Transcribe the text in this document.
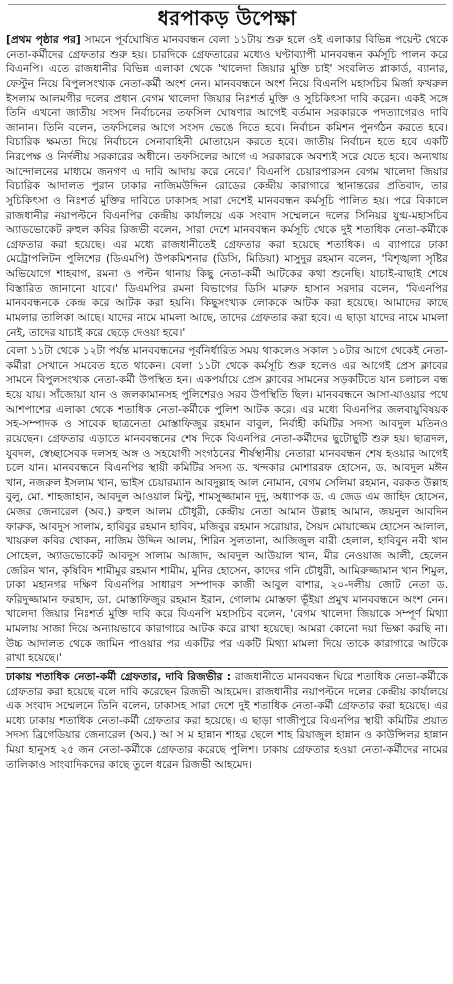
ধরপাকড় উপেক্ষা

[প্রথম পৃষ্ঠার পর] সামনে পূর্বঘোষিত মানববন্ধন বেলা ১১টায় শুরু হলে ওই এলাকার বিভিন্ন পয়েন্ট থেকে নেতা-কর্মীদের গ্রেফতার শুরু হয়। চারদিকে গ্রেফতারের মধ্যেও ঘণ্টাব্যাপী মানববন্ধন কর্মসূচি পালন করে বিএনপি। এতে রাজধানীর বিভিন্ন এলাকা থেকে 'খালেদা জিয়ার মুক্তি চাই' সংবলিত প্লাকার্ড, ব্যানার, ফেস্টুন নিয়ে বিপুলসংখ্যক নেতা-কর্মী অংশ নেন। মানববন্ধনে অংশ নিয়ে বিএনপি মহাসচিব মির্জা ফখরুল ইসলাম আলমগীর দলের প্রধান বেগম খালেদা জিয়ার নিঃশর্ত মুক্তি ও সুচিকিৎসা দাবি করেন। একই সঙ্গে তিনি এখনো জাতীয় সংসদ নির্বাচনের তফসিল ঘোষণার আগেই বর্তমান সরকারকে পদত্যাগেরও দাবি জানান। তিনি বলেন, তফসিলের আগে সংসদ ভেঙে দিতে হবে। নির্বাচন কমিশন পুনর্গঠন করতে হবে। বিচারিক ক্ষমতা দিয়ে নির্বাচনে সেনাবাহিনী মোতায়েন করতে হবে। জাতীয় নির্বাচন হতে হবে একটি নিরপেক্ষ ও নির্দলীয় সরকারের অধীনে। তফসিলের আগে এ সরকারকে অবশ্যই সরে যেতে হবে। অন্যথায় আন্দোলনের মাধ্যমে জনগণ এ দাবি আদায় করে নেবে।' বিএনপি চেয়ারপারসন বেগম খালেদা জিয়ার বিচারিক আদালত পুরান ঢাকার নাজিমউদ্দিন রোডের কেন্দ্রীয় কারাগারে স্থানান্তরের প্রতিবাদ, তার সুচিকিৎসা ও নিঃশর্ত মুক্তির দাবিতে ঢাকাসহ সারা দেশেই মানববন্ধন কর্মসূচি পালিত হয়। পরে বিকালে রাজধানীর নয়াপল্টনে বিএনপির কেন্দ্রীয় কার্যালয়ে এক সংবাদ সম্মেলনে দলের সিনিয়র যুগ্ম-মহাসচিব অ্যাডভোকেট রুহুল কবির রিজভী বলেন, সারা দেশে মানববন্ধন কর্মসূচি থেকে দুই শতাধিক নেতা-কর্মীকে গ্রেফতার করা হয়েছে। এর মধ্যে রাজধানীতেই গ্রেফতার করা হয়েছে শতাধিক। এ ব্যাপারে ঢাকা মেট্রোপলিটন পুলিশের (ডিএমপি) উপকমিশনার (ডিসি, মিডিয়া) মাসুদুর রহমান বলেন, 'বিশৃঙ্খলা সৃষ্টির অভিযোগে শাহবাগ, রমনা ও পল্টন থানায় কিছু নেতা-কর্মী আটকের কথা শুনেছি। যাচাই-বাছাই শেষে বিস্তারিত জানানো যাবে।' ডিএমপির রমনা বিভাগের ডিসি মারুফ হাসান সরদার বলেন, 'বিএনপির মানববন্ধনকে কেন্দ্র করে আটক করা হয়নি। কিছুসংখ্যক লোককে আটক করা হয়েছে। আমাদের কাছে মামলার তালিকা আছে। যাদের নামে মামলা আছে, তাদের গ্রেফতার করা হবে। এ ছাড়া যাদের নামে মামলা নেই, তাদের যাচাই করে ছেড়ে দেওয়া হবে।'

বেলা ১১টা থেকে ১২টা পর্যন্ত মানববন্ধনের পূর্বনির্ধারিত সময় থাকলেও সকাল ১০টার আগে থেকেই নেতা-কর্মীরা সেখানে সমবেত হতে থাকেন। বেলা ১১টা থেকে কর্মসূচি শুরু হলেও এর আগেই প্রেস ক্লাবের সামনে বিপুলসংখ্যক নেতা-কর্মী উপস্থিত হন। একপর্যায়ে প্রেস ক্লাবের সামনের সড়কটিতে যান চলাচল বন্ধ হয়ে যায়। সাঁজোয়া যান ও জলকামানসহ পুলিশেরও সরব উপস্থিতি ছিল। মানববন্ধনে আসা-যাওয়ার পথে আশপাশের এলাকা থেকে শতাধিক নেতা-কর্মীকে পুলিশ আটক করে। এর মধ্যে বিএনপির জলবায়ুবিষয়ক সহ-সম্পাদক ও সাবেক ছাত্রনেতা মোস্তাফিজুর রহমান বাবুল, নির্বাহী কমিটির সদস্য আবদুল মতিনও রয়েছেন। গ্রেফতার এড়াতে মানববন্ধনের শেষ দিকে বিএনপির নেতা-কর্মীদের ছুটোছুটি শুরু হয়। ছাত্রদল, যুবদল, স্বেচ্ছাসেবক দলসহ অঙ্গ ও সহযোগী সংগঠনের শীর্ষস্থানীয় নেতারা মানববন্ধন শেষ হওয়ার আগেই চলে যান। মানববন্ধনে বিএনপির স্থায়ী কমিটির সদস্য ড. খন্দকার মোশাররফ হোসেন, ড. আবদুল মঈন খান, নজরুল ইসলাম খান, ভাইস চেয়ারম্যান আবদুল্লাহ আল নোমান, বেগম সেলিমা রহমান, বরকত উল্লাহ বুলু, মো. শাহজাহান, আবদুল আওয়াল মিন্টু, শামসুজ্জামান দুদু, অধ্যাপক ড. এ জেড এম জাহিদ হোসেন, মেজর জেনারেল (অব.) রুহুল আলম চৌধুরী, কেন্দ্রীয় নেতা আমান উল্লাহ আমান, জয়নুল আবদিন ফারুক, আবদুস সালাম, হাবিবুর রহমান হাবিব, মজিবুর রহমান সরোয়ার, সৈয়দ মোয়াজ্জেম হোসেন আলাল, খায়রুল কবির খোকন, নাজিম উদ্দিন আলম, শিরিন সুলতানা, আজিজুল বারী হেলাল, হাবিবুন নবী খান সোহেল, অ্যাডভোকেট আবদুস সালাম আজাদ, আবদুল আউয়াল খান, মীর নেওয়াজ আলী, হেলেন জেরিন খান, কৃষিবিদ শামীমুর রহমান শামীম, মুনির হোসেন, কাদের গনি চৌধুরী, আমিরুজ্জামান খান শিমুল, ঢাকা মহানগর দক্ষিণ বিএনপির সাধারণ সম্পাদক কাজী আবুল বাশার, ২০-দলীয় জোট নেতা ড. ফরিদুজ্জামান ফরহাদ, ডা. মোস্তাফিজুর রহমান ইরান, গোলাম মোস্তফা ভূঁইয়া প্রমুখ মানববন্ধনে অংশ নেন। খালেদা জিয়ার নিঃশর্ত মুক্তি দাবি করে বিএনপি মহাসচিব বলেন, 'বেগম খালেদা জিয়াকে সম্পূর্ণ মিথ্যা মামলায় সাজা দিয়ে অন্যায়ভাবে কারাগারে আটক করে রাখা হয়েছে। আমরা কোনো দয়া ভিক্ষা করছি না। উচ্চ আদালত থেকে জামিন পাওয়ার পর একটির পর একটি মিথ্যা মামলা দিয়ে তাকে কারাগারে আটকে রাখা হয়েছে।'

ঢাকায় শতাধিক নেতা-কর্মী গ্রেফতার, দাবি রিজভীর : রাজধানীতে মানববন্ধন ঘিরে শতাধিক নেতা-কর্মীকে গ্রেফতার করা হয়েছে বলে দাবি করেছেন রিজভী আহমেদ। রাজধানীর নয়াপল্টনে দলের কেন্দ্রীয় কার্যালয়ে এক সংবাদ সম্মেলনে তিনি বলেন, ঢাকাসহ সারা দেশে দুই শতাধিক নেতা-কর্মী গ্রেফতার করা হয়েছে। এর মধ্যে ঢাকায় শতাধিক নেতা-কর্মী গ্রেফতার করা হয়েছে। এ ছাড়া গাজীপুরে বিএনপির স্থায়ী কমিটির প্রয়াত সদস্য ব্রিগেডিয়ার জেনারেল (অব.) আ স ম হান্নান শাহর ছেলে শাহ রিয়াজুল হান্নান ও কাউন্সিলর হান্নান মিয়া হানুসহ ২৫ জন নেতা-কর্মীকে গ্রেফতার করেছে পুলিশ। ঢাকায় গ্রেফতার হওয়া নেতা-কর্মীদের নামের তালিকাও সাংবাদিকদের কাছে তুলে ধরেন রিজভী আহমেদ।
